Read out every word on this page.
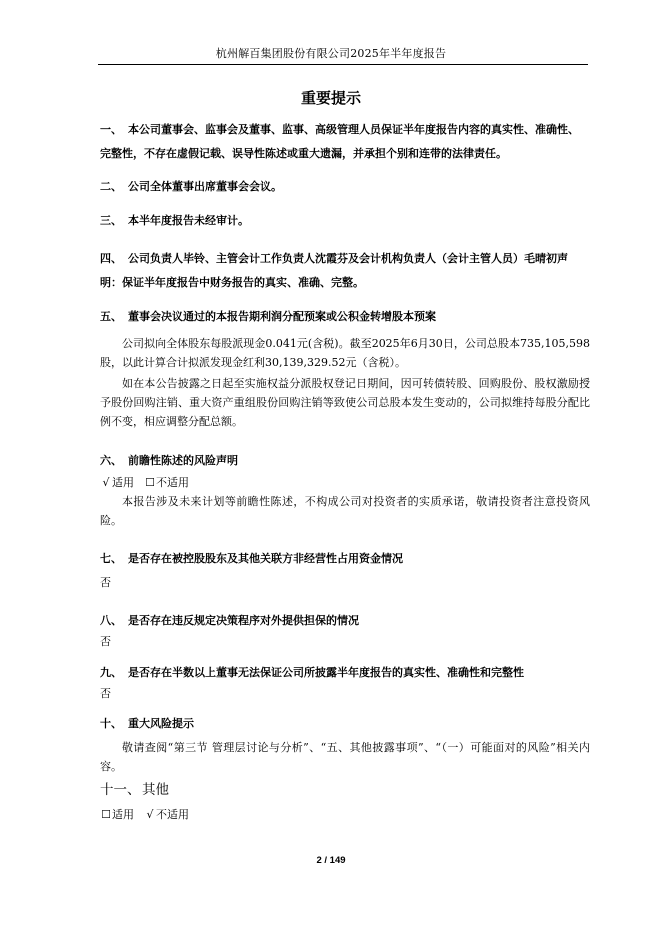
杭州解百集团股份有限公司2025年半年度报告
重要提示
一、 本公司董事会、监事会及董事、监事、高级管理人员保证半年度报告内容的真实性、准确性、完整性，不存在虚假记载、误导性陈述或重大遗漏，并承担个别和连带的法律责任。
二、 公司全体董事出席董事会会议。
三、 本半年度报告未经审计。
四、 公司负责人毕铃、主管会计工作负责人沈霞芬及会计机构负责人（会计主管人员）毛晴初声明：保证半年度报告中财务报告的真实、准确、完整。
五、 董事会决议通过的本报告期利润分配预案或公积金转增股本预案
公司拟向全体股东每股派现金0.041元(含税)。截至2025年6月30日，公司总股本735,105,598股，以此计算合计拟派发现金红利30,139,329.52元（含税）。
如在本公告披露之日起至实施权益分派股权登记日期间，因可转债转股、回购股份、股权激励授予股份回购注销、重大资产重组股份回购注销等致使公司总股本发生变动的，公司拟维持每股分配比例不变，相应调整分配总额。
六、 前瞻性陈述的风险声明
√ 适用 ☐不适用
本报告涉及未来计划等前瞻性陈述，不构成公司对投资者的实质承诺，敬请投资者注意投资风险。
七、 是否存在被控股股东及其他关联方非经营性占用资金情况
否
八、 是否存在违反规定决策程序对外提供担保的情况
否
九、 是否存在半数以上董事无法保证公司所披露半年度报告的真实性、准确性和完整性
否
十、 重大风险提示
敬请查阅“第三节 管理层讨论与分析”、“五、其他披露事项”、“（一）可能面对的风险”相关内容。
十一、 其他
☐适用 √ 不适用
2 / 149
